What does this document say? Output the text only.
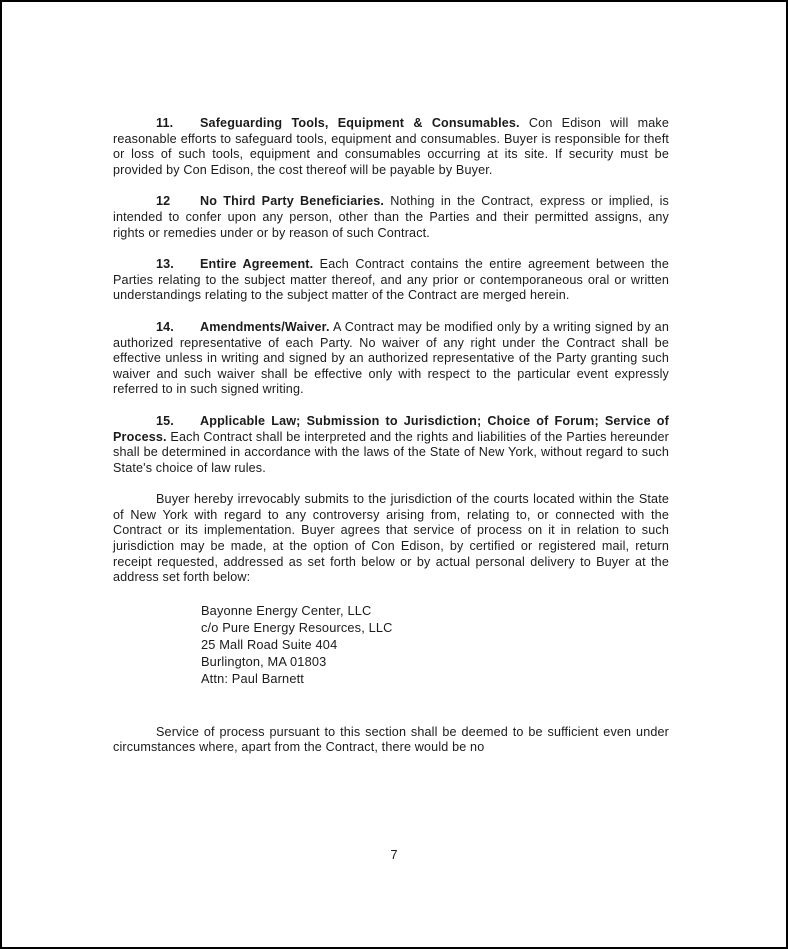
11. Safeguarding Tools, Equipment & Consumables. Con Edison will make reasonable efforts to safeguard tools, equipment and consumables. Buyer is responsible for theft or loss of such tools, equipment and consumables occurring at its site. If security must be provided by Con Edison, the cost thereof will be payable by Buyer.

12 No Third Party Beneficiaries. Nothing in the Contract, express or implied, is intended to confer upon any person, other than the Parties and their permitted assigns, any rights or remedies under or by reason of such Contract.

13. Entire Agreement. Each Contract contains the entire agreement between the Parties relating to the subject matter thereof, and any prior or contemporaneous oral or written understandings relating to the subject matter of the Contract are merged herein.

14. Amendments/Waiver. A Contract may be modified only by a writing signed by an authorized representative of each Party. No waiver of any right under the Contract shall be effective unless in writing and signed by an authorized representative of the Party granting such waiver and such waiver shall be effective only with respect to the particular event expressly referred to in such signed writing.

15. Applicable Law; Submission to Jurisdiction; Choice of Forum; Service of Process. Each Contract shall be interpreted and the rights and liabilities of the Parties hereunder shall be determined in accordance with the laws of the State of New York, without regard to such State's choice of law rules.

Buyer hereby irrevocably submits to the jurisdiction of the courts located within the State of New York with regard to any controversy arising from, relating to, or connected with the Contract or its implementation. Buyer agrees that service of process on it in relation to such jurisdiction may be made, at the option of Con Edison, by certified or registered mail, return receipt requested, addressed as set forth below or by actual personal delivery to Buyer at the address set forth below:

Bayonne Energy Center, LLC
c/o Pure Energy Resources, LLC
25 Mall Road Suite 404
Burlington, MA 01803
Attn: Paul Barnett

Service of process pursuant to this section shall be deemed to be sufficient even under circumstances where, apart from the Contract, there would be no

7
